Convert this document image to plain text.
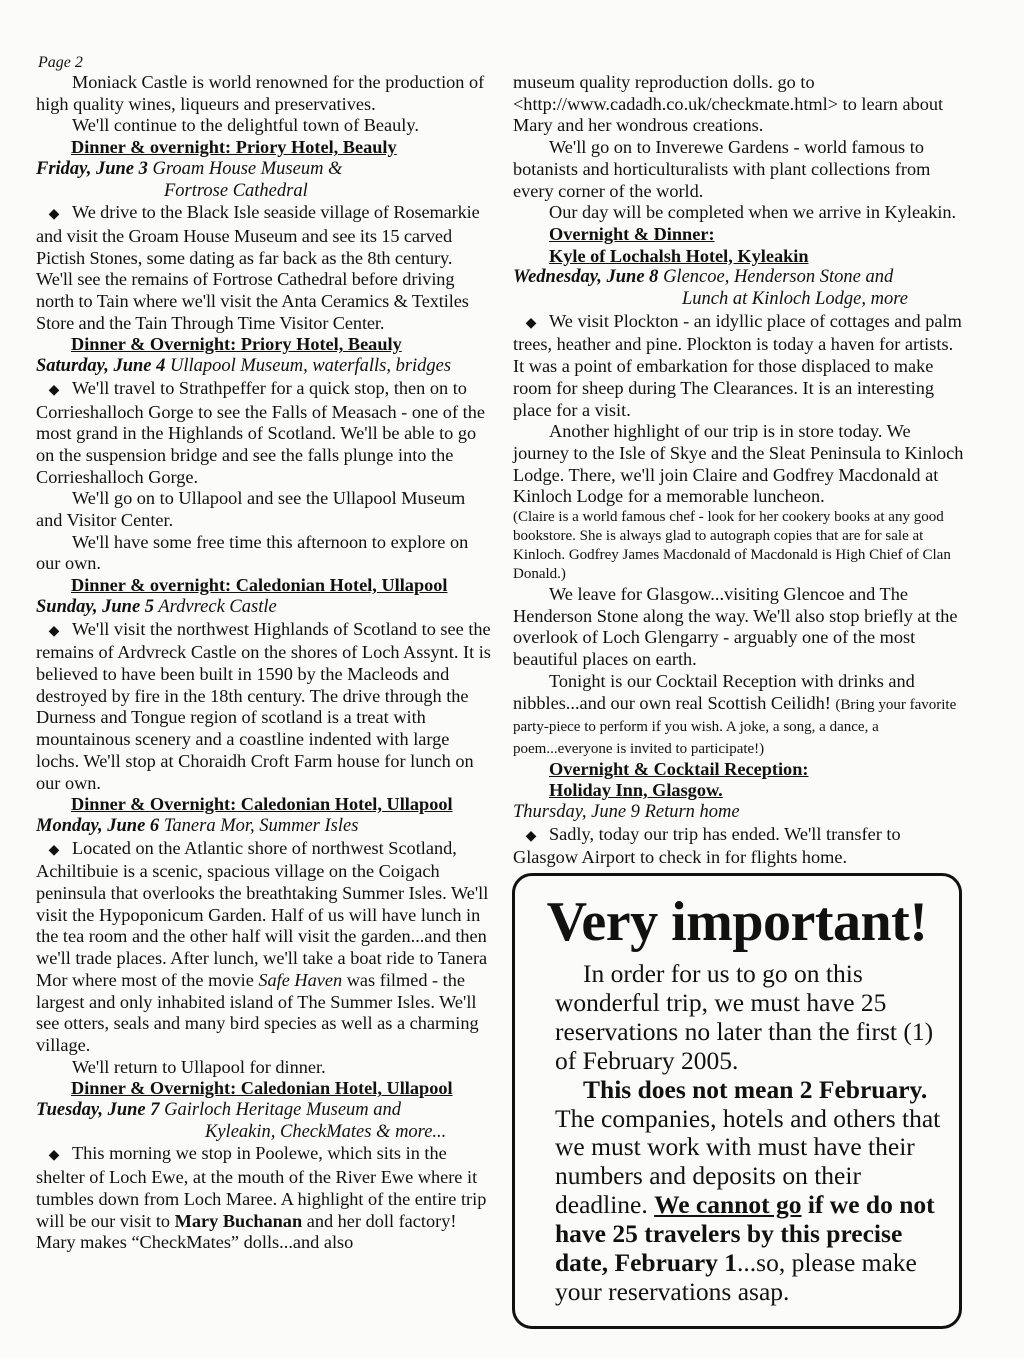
Page 2

Moniack Castle is world renowned for the production of high quality wines, liqueurs and preservatives.

We'll continue to the delightful town of Beauly.

Dinner & overnight: Priory Hotel, Beauly

Friday, June 3 Groam House Museum &
Fortrose Cathedral

◆We drive to the Black Isle seaside village of Rosemarkie and visit the Groam House Museum and see its 15 carved Pictish Stones, some dating as far back as the 8th century. We'll see the remains of Fortrose Cathedral before driving north to Tain where we'll visit the Anta Ceramics & Textiles Store and the Tain Through Time Visitor Center.

Dinner & Overnight: Priory Hotel, Beauly

Saturday, June 4 Ullapool Museum, waterfalls, bridges

◆We'll travel to Strathpeffer for a quick stop, then on to Corrieshalloch Gorge to see the Falls of Measach - one of the most grand in the Highlands of Scotland. We'll be able to go on the suspension bridge and see the falls plunge into the Corrieshalloch Gorge.

We'll go on to Ullapool and see the Ullapool Museum and Visitor Center.

We'll have some free time this afternoon to explore on our own.

Dinner & overnight: Caledonian Hotel, Ullapool

Sunday, June 5 Ardvreck Castle

◆We'll visit the northwest Highlands of Scotland to see the remains of Ardvreck Castle on the shores of Loch Assynt. It is believed to have been built in 1590 by the Macleods and destroyed by fire in the 18th century. The drive through the Durness and Tongue region of scotland is a treat with mountainous scenery and a coastline indented with large lochs. We'll stop at Choraidh Croft Farm house for lunch on our own.

Dinner & Overnight: Caledonian Hotel, Ullapool

Monday, June 6 Tanera Mor, Summer Isles

◆Located on the Atlantic shore of northwest Scotland, Achiltibuie is a scenic, spacious village on the Coigach peninsula that overlooks the breathtaking Summer Isles. We'll visit the Hypoponicum Garden. Half of us will have lunch in the tea room and the other half will visit the garden...and then we'll trade places. After lunch, we'll take a boat ride to Tanera Mor where most of the movie Safe Haven was filmed - the largest and only inhabited island of The Summer Isles. We'll see otters, seals and many bird species as well as a charming village.

We'll return to Ullapool for dinner.

Dinner & Overnight: Caledonian Hotel, Ullapool

Tuesday, June 7 Gairloch Heritage Museum and
Kyleakin, CheckMates & more...

◆This morning we stop in Poolewe, which sits in the shelter of Loch Ewe, at the mouth of the River Ewe where it tumbles down from Loch Maree. A highlight of the entire trip will be our visit to Mary Buchanan and her doll factory! Mary makes “CheckMates” dolls...and also

museum quality reproduction dolls. go to <http://www.cadadh.co.uk/checkmate.html> to learn about Mary and her wondrous creations.

We'll go on to Inverewe Gardens - world famous to botanists and horticulturalists with plant collections from every corner of the world.

Our day will be completed when we arrive in Kyleakin.

Overnight & Dinner:

Kyle of Lochalsh Hotel, Kyleakin

Wednesday, June 8 Glencoe, Henderson Stone and
Lunch at Kinloch Lodge, more

◆We visit Plockton - an idyllic place of cottages and palm trees, heather and pine. Plockton is today a haven for artists. It was a point of embarkation for those displaced to make room for sheep during The Clearances. It is an interesting place for a visit.

Another highlight of our trip is in store today. We journey to the Isle of Skye and the Sleat Peninsula to Kinloch Lodge. There, we'll join Claire and Godfrey Macdonald at Kinloch Lodge for a memorable luncheon.

(Claire is a world famous chef - look for her cookery books at any good bookstore. She is always glad to autograph copies that are for sale at Kinloch. Godfrey James Macdonald of Macdonald is High Chief of Clan Donald.)

We leave for Glasgow...visiting Glencoe and The Henderson Stone along the way. We'll also stop briefly at the overlook of Loch Glengarry - arguably one of the most beautiful places on earth.

Tonight is our Cocktail Reception with drinks and nibbles...and our own real Scottish Ceilidh! (Bring your favorite party-piece to perform if you wish. A joke, a song, a dance, a poem...everyone is invited to participate!)

Overnight & Cocktail Reception:

Holiday Inn, Glasgow.

Thursday, June 9 Return home

◆Sadly, today our trip has ended. We'll transfer to Glasgow Airport to check in for flights home.

Very important!

In order for us to go on this wonderful trip, we must have 25 reservations no later than the first (1) of February 2005.

This does not mean 2 February.

The companies, hotels and others that we must work with must have their numbers and deposits on their deadline. We cannot go if we do not have 25 travelers by this precise date, February 1...so, please make your reservations asap.
